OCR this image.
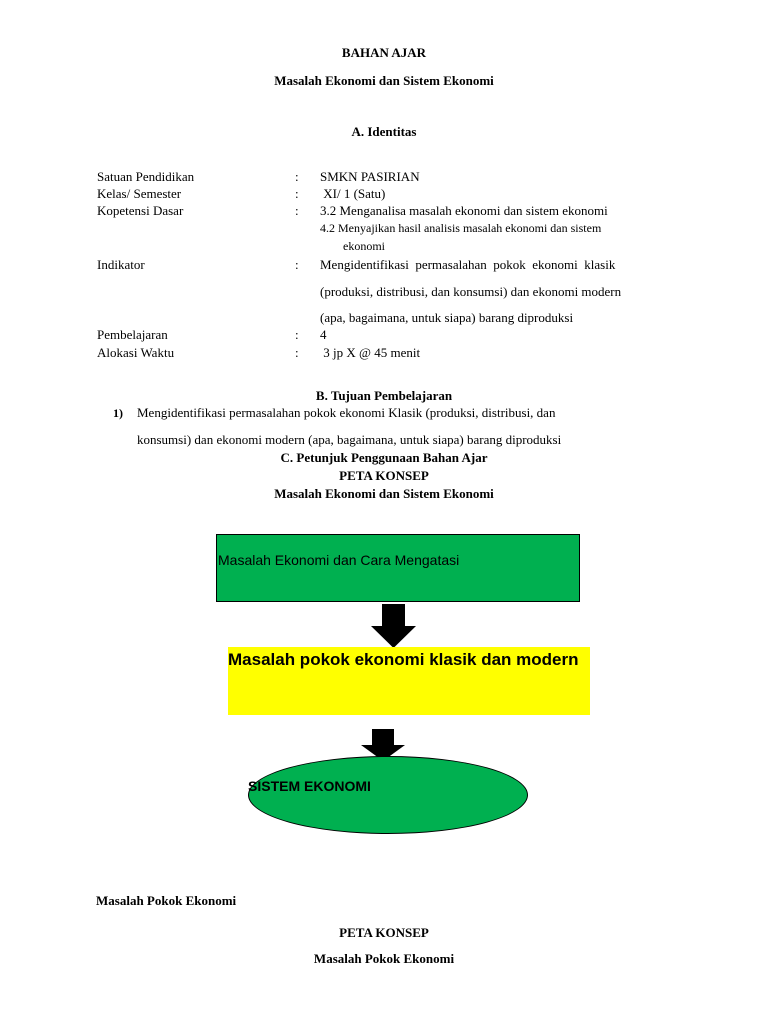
BAHAN AJAR
Masalah Ekonomi dan Sistem Ekonomi
A. Identitas
Satuan Pendidikan	: SMKN PASIRIAN
Kelas/ Semester	: XI/ 1 (Satu)
Kopetensi Dasar	: 3.2 Menganalisa masalah ekonomi dan sistem ekonomi
4.2 Menyajikan hasil analisis masalah ekonomi dan sistem
ekonomi
Indikator	: Mengidentifikasi  permasalahan  pokok  ekonomi  klasik
(produksi, distribusi, dan konsumsi) dan ekonomi modern
(apa, bagaimana, untuk siapa) barang diproduksi
Pembelajaran	: 4
Alokasi Waktu	: 3 jp X @ 45 menit
B. Tujuan Pembelajaran
1) Mengidentifikasi permasalahan pokok ekonomi Klasik (produksi, distribusi, dan
konsumsi) dan ekonomi modern (apa, bagaimana, untuk siapa) barang diproduksi
C. Petunjuk Penggunaan Bahan Ajar
PETA KONSEP
Masalah Ekonomi dan Sistem Ekonomi
Masalah Ekonomi dan Cara Mengatasi
Masalah pokok ekonomi klasik dan modern
SISTEM EKONOMI
Masalah Pokok Ekonomi
PETA KONSEP
Masalah Pokok Ekonomi
